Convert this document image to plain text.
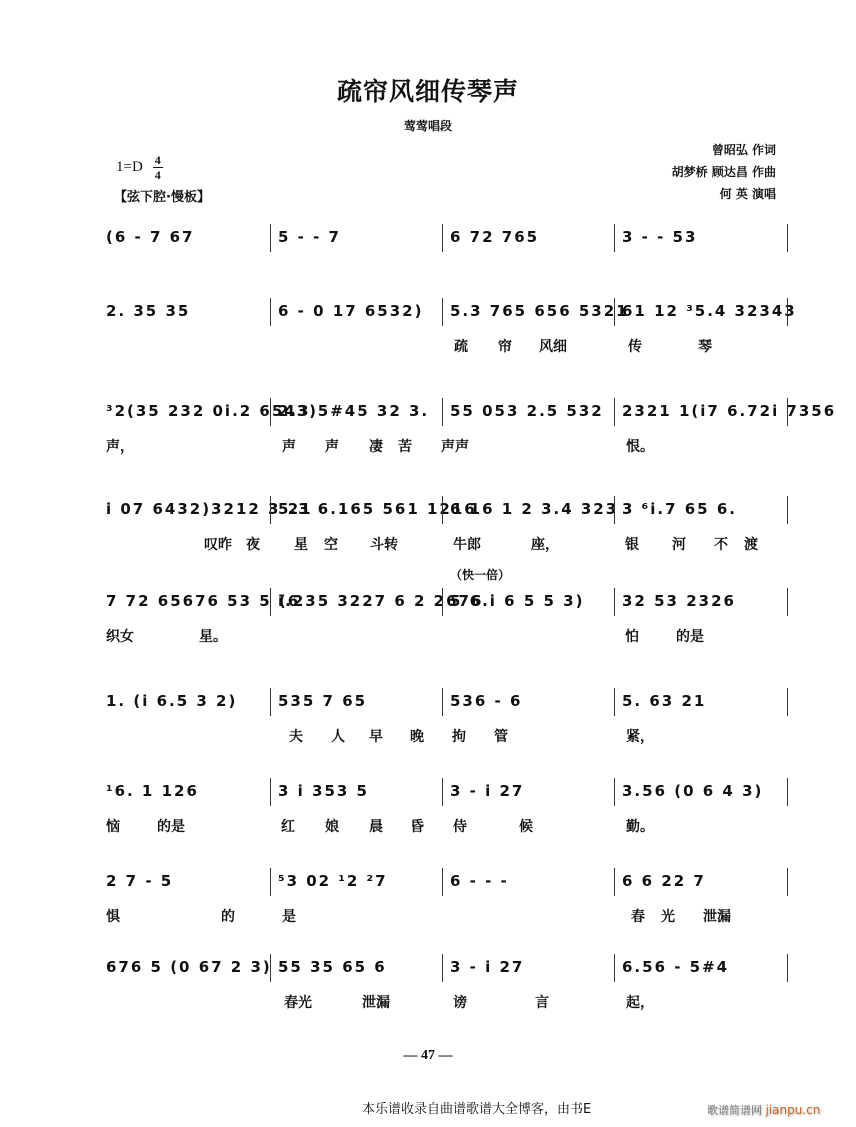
疏帘风细传琴声
莺莺唱段
$1=D \frac{4}{4}$
【弦下腔·慢板】
曾昭弘 作词
胡梦桥 顾达昌 作曲
何 英 演唱
(6 - 7 67	5 - - 7	6 72 765	3 - - 53
2. 35 35	6 - 0 17 6532)	5.3 765 656 5321
61 12 ³5.4 32343
疏 帘 风细	传	琴
³2(35 232 0i.2 6543)
2.3 5#45 32 3.	55 053 2.5 532	2321 1(i7 6.72i 7356
声，	声 声 凄 苦 声声	恨。
i 07 6432)3212 3 21
5.3 6.165 561 1216
6 16 1 2 3.4 323 3 ⁶i.7 65 6.
叹昨 夜 星 空 斗转	牛郎	座，	银 河 不 渡
7 72 65676 53 5 (6
i.235 3227 6 2 2676
5 6.i 6 5 5 3)	32 53 2326
（快一倍）
织女	星。	怕	的是
1. (i 6.5 3 2)	535 7 65	536 - 6	5. 63 21
夫 人 早 晚 拘 管	紧，
¹6. 1 126	3 i 353 5	3 - i 27	3.56 (0 6 4 3)
恼	的是	红 娘 晨 昏 侍	候	勤。
2 7 - 5	⁵3 02 ¹2 ²7	6 - - -	6 6 22 7
惧	的	是	春 光 泄漏
676 5 (0 67 2 3) 55 35 65 6	3 - i 27	6.56 - 5#4
春光	泄漏	谤	言	起，
— 47 —
本乐谱收录自曲谱歌谱大全博客，由书E	歌谱简谱网 jianpu.cn
